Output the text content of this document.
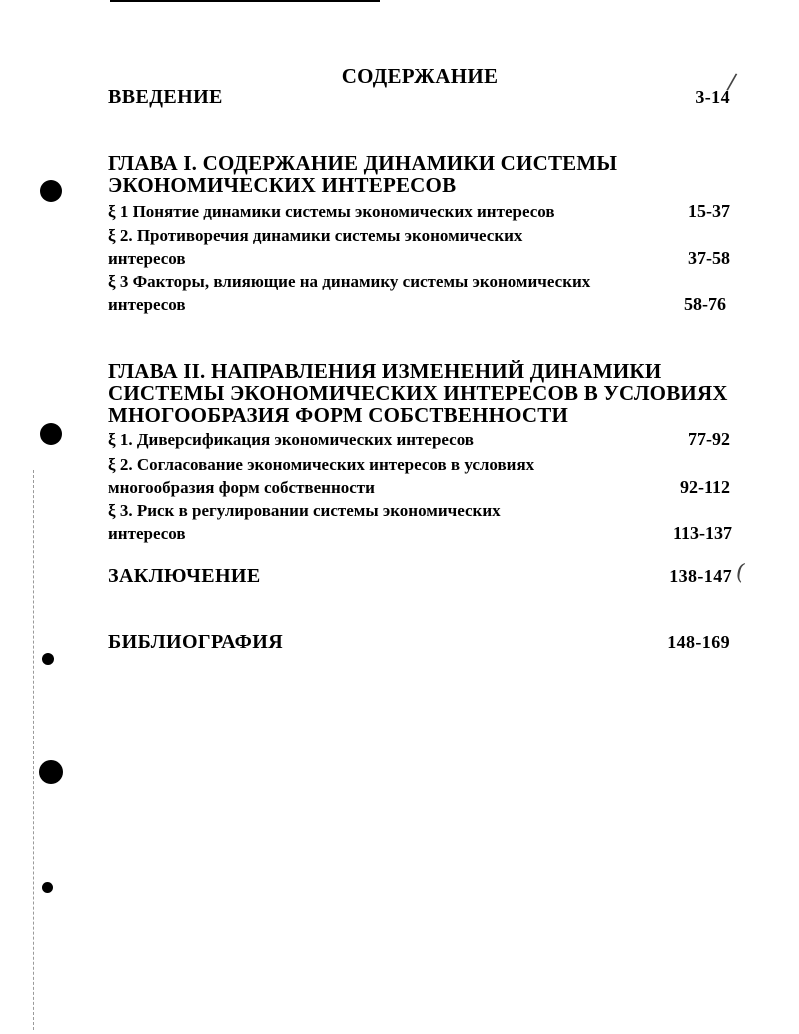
/
(
СОДЕРЖАНИЕ
ВВЕДЕНИЕ	3-14
ГЛАВА I. СОДЕРЖАНИЕ ДИНАМИКИ СИСТЕМЫ
ЭКОНОМИЧЕСКИХ ИНТЕРЕСОВ
ξ 1 Понятие динамики системы экономических интересов	15-37
ξ 2. Противоречия динамики системы экономических
интересов	37-58
ξ 3 Факторы, влияющие на динамику системы экономических
интересов	58-76
ГЛАВА II. НАПРАВЛЕНИЯ ИЗМЕНЕНИЙ ДИНАМИКИ
СИСТЕМЫ ЭКОНОМИЧЕСКИХ ИНТЕРЕСОВ В УСЛОВИЯХ
МНОГООБРАЗИЯ ФОРМ СОБСТВЕННОСТИ
ξ 1. Диверсификация экономических интересов	77-92
ξ 2. Согласование экономических интересов в условиях
многообразия форм собственности	92-112
ξ 3. Риск в регулировании системы экономических
интересов	113-137
ЗАКЛЮЧЕНИЕ	138-147
БИБЛИОГРАФИЯ	148-169
